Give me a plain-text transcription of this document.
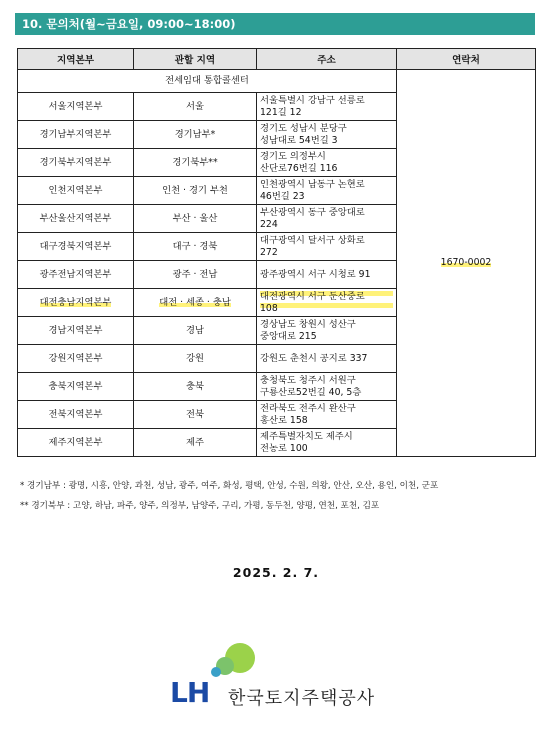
10. 문의처(월~금요일, 09:00~18:00)
지역본부	관할 지역	주소	연락처
전세임대 통합콜센터			1670-0002
서울지역본부	서울	서울특별시 강남구 선릉로
121길 12	

경기남부지역본부	경기남부*	경기도 성남시 분당구
성남대로 54번길 3	

경기북부지역본부	경기북부**	경기도 의정부시
산단로76번길 116	

인천지역본부	인천 · 경기 부천	인천광역시 남동구 논현로
46번길 23	

부산울산지역본부	부산 · 울산	부산광역시 동구 중앙대로
224	

대구경북지역본부	대구 · 경북	대구광역시 달서구 상화로
272	

광주전남지역본부	광주 · 전남	광주광역시 서구 시청로 91	

대전충남지역본부	대전 · 세종 · 충남	대전광역시 서구 둔산중로
108	

경남지역본부	경남	경상남도 창원시 성산구
중앙대로 215	

강원지역본부	강원	강원도 춘천시 공지로 337	

충북지역본부	충북	충청북도 청주시 서원구
구룡산로52번길 40, 5층	

전북지역본부	전북	전라북도 전주시 완산구
홍산로 158	

제주지역본부	제주	제주특별자치도 제주시
전농로 100	
* 경기남부 : 광명, 시흥, 안양, 과천, 성남, 광주, 여주, 화성, 평택, 안성, 수원, 의왕, 안산, 오산, 용인, 이천, 군포
** 경기북부 : 고양, 하남, 파주, 양주, 의정부, 남양주, 구리, 가평, 동두천, 양평, 연천, 포천, 김포
2025. 2. 7.
LH 한국토지주택공사
